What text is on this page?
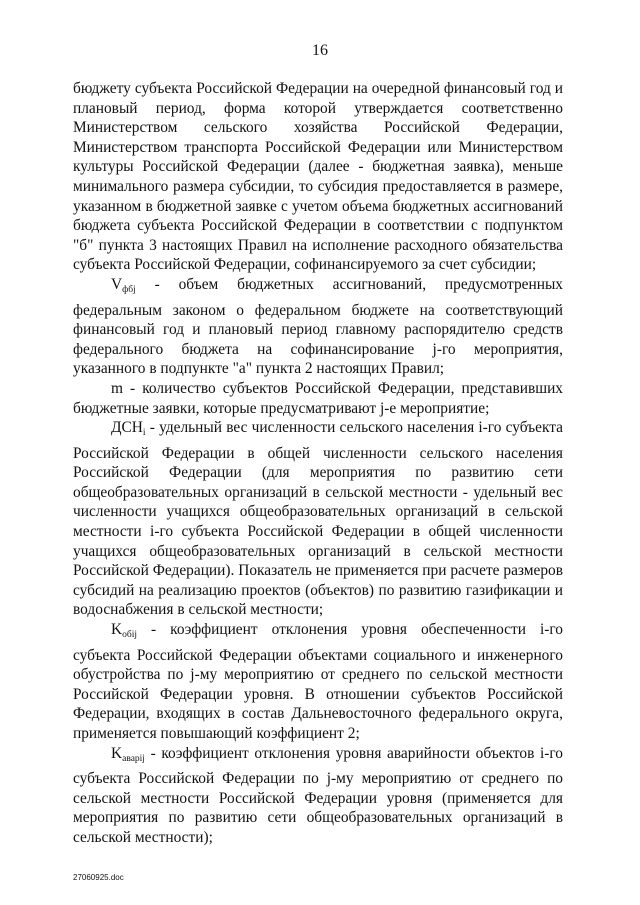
16

бюджету субъекта Российской Федерации на очередной финансовый год и плановый период, форма которой утверждается соответственно Министерством сельского хозяйства Российской Федерации, Министерством транспорта Российской Федерации или Министерством культуры Российской Федерации (далее - бюджетная заявка), меньше минимального размера субсидии, то субсидия предоставляется в размере, указанном в бюджетной заявке с учетом объема бюджетных ассигнований бюджета субъекта Российской Федерации в соответствии с подпунктом "б" пункта 3 настоящих Правил на исполнение расходного обязательства субъекта Российской Федерации, софинансируемого за счет субсидии;

$V_{фбj}$ - объем бюджетных ассигнований, предусмотренных федеральным законом о федеральном бюджете на соответствующий финансовый год и плановый период главному распорядителю средств федерального бюджета на софинансирование j-го мероприятия, указанного в подпункте "а" пункта 2 настоящих Правил;

m - количество субъектов Российской Федерации, представивших бюджетные заявки, которые предусматривают j-е мероприятие;

$ДСН_i$ - удельный вес численности сельского населения i-го субъекта Российской Федерации в общей численности сельского населения Российской Федерации (для мероприятия по развитию сети общеобразовательных организаций в сельской местности - удельный вес численности учащихся общеобразовательных организаций в сельской местности i-го субъекта Российской Федерации в общей численности учащихся общеобразовательных организаций в сельской местности Российской Федерации). Показатель не применяется при расчете размеров субсидий на реализацию проектов (объектов) по развитию газификации и водоснабжения в сельской местности;

$K_{обij}$ - коэффициент отклонения уровня обеспеченности i-го субъекта Российской Федерации объектами социального и инженерного обустройства по j-му мероприятию от среднего по сельской местности Российской Федерации уровня. В отношении субъектов Российской Федерации, входящих в состав Дальневосточного федерального округа, применяется повышающий коэффициент 2;

$K_{аварij}$ - коэффициент отклонения уровня аварийности объектов i-го субъекта Российской Федерации по j-му мероприятию от среднего по сельской местности Российской Федерации уровня (применяется для мероприятия по развитию сети общеобразовательных организаций в сельской местности);

27060925.doc
